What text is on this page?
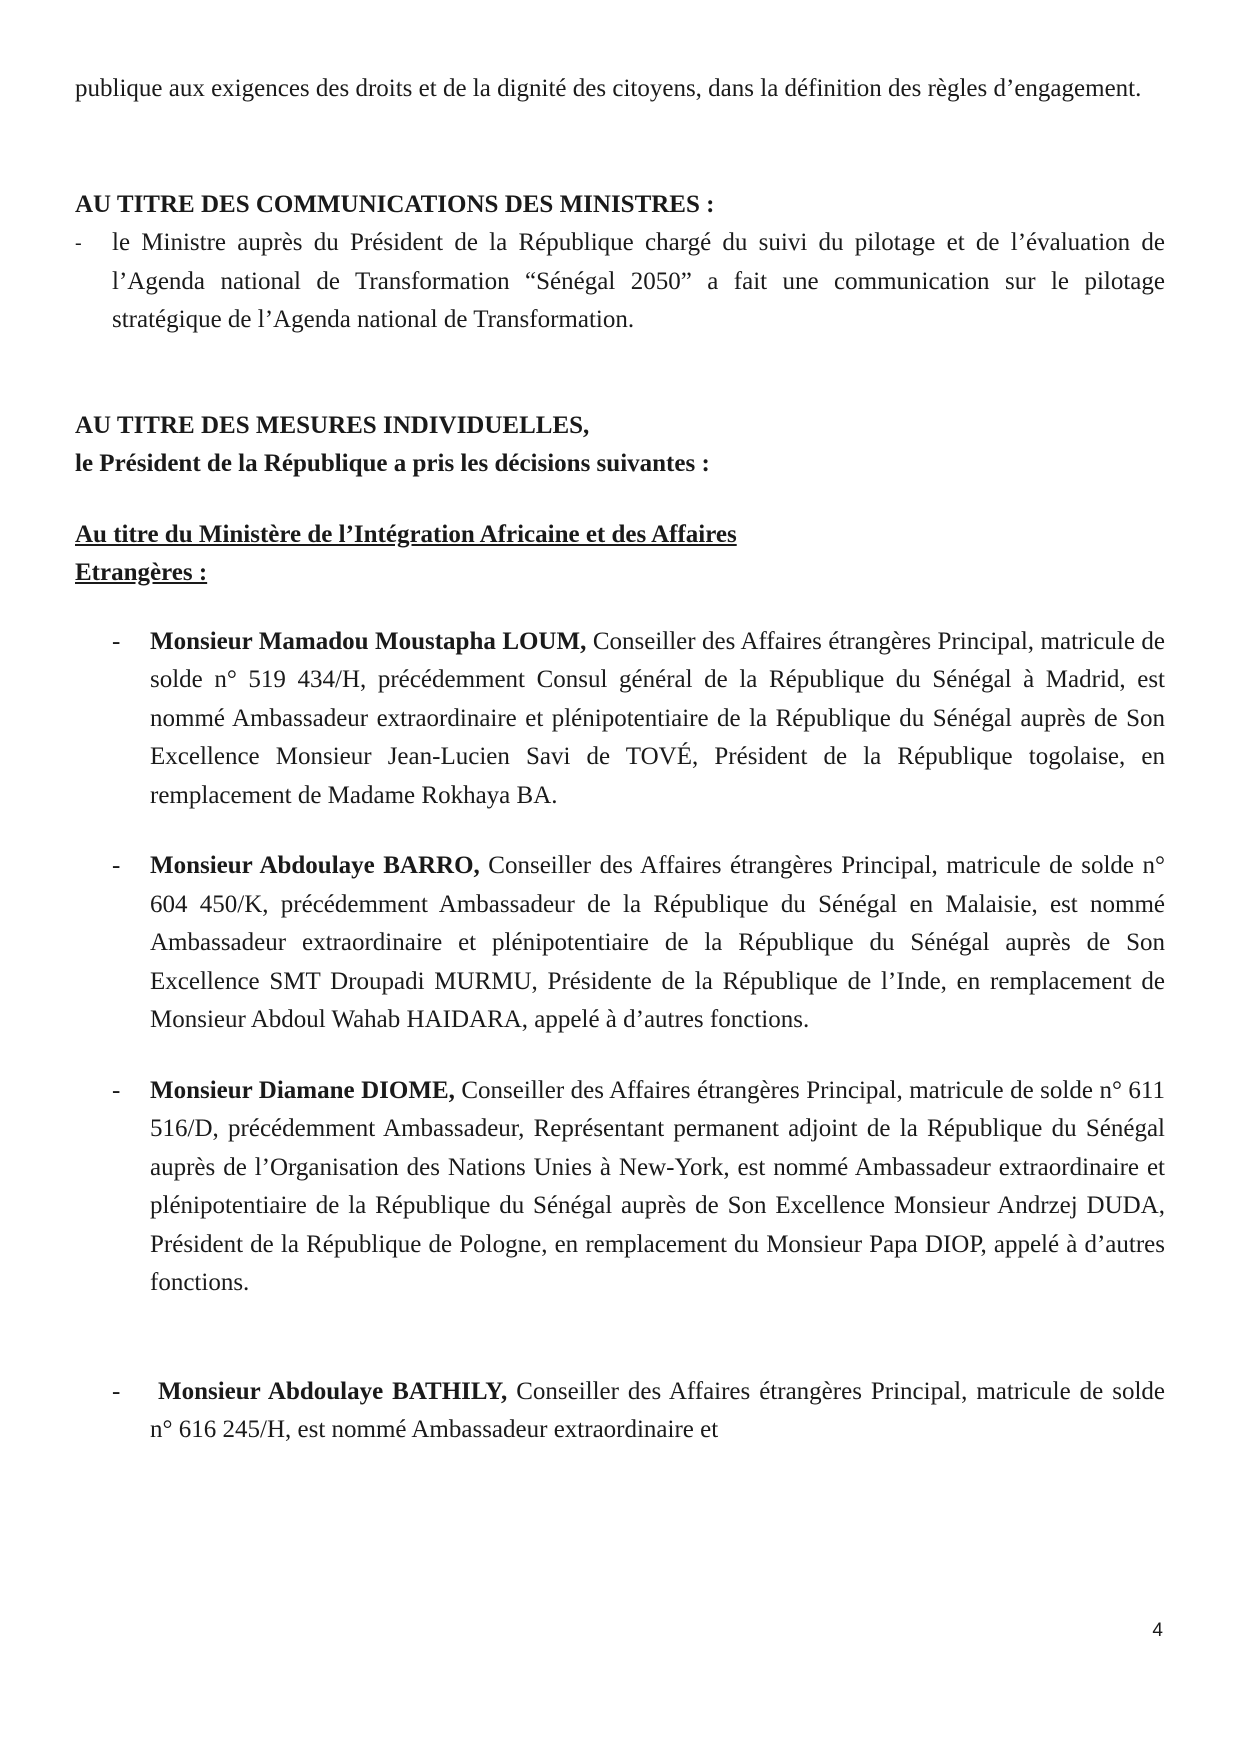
publique aux exigences des droits et de la dignité des citoyens, dans la définition des règles d’engagement.

AU TITRE DES COMMUNICATIONS DES MINISTRES :

- le Ministre auprès du Président de la République chargé du suivi du pilotage et de l’évaluation de l’Agenda national de Transformation “Sénégal 2050” a fait une communication sur le pilotage stratégique de l’Agenda national de Transformation.

AU TITRE DES MESURES INDIVIDUELLES,

le Président de la République a pris les décisions suivantes :

Au titre du Ministère de l’Intégration Africaine et des Affaires

Etrangères :

- Monsieur Mamadou Moustapha LOUM, Conseiller des Affaires étrangères Principal, matricule de solde n° 519 434/H, précédemment Consul général de la République du Sénégal à Madrid, est nommé Ambassadeur extraordinaire et plénipotentiaire de la République du Sénégal auprès de Son Excellence Monsieur Jean-Lucien Savi de TOVÉ, Président de la République togolaise, en remplacement de Madame Rokhaya BA.

- Monsieur Abdoulaye BARRO, Conseiller des Affaires étrangères Principal, matricule de solde n° 604 450/K, précédemment Ambassadeur de la République du Sénégal en Malaisie, est nommé Ambassadeur extraordinaire et plénipotentiaire de la République du Sénégal auprès de Son Excellence SMT Droupadi MURMU, Présidente de la République de l’Inde, en remplacement de Monsieur Abdoul Wahab HAIDARA, appelé à d’autres fonctions.

- Monsieur Diamane DIOME, Conseiller des Affaires étrangères Principal, matricule de solde n° 611 516/D, précédemment Ambassadeur, Représentant permanent adjoint de la République du Sénégal auprès de l’Organisation des Nations Unies à New-York, est nommé Ambassadeur extraordinaire et plénipotentiaire de la République du Sénégal auprès de Son Excellence Monsieur Andrzej DUDA, Président de la République de Pologne, en remplacement du Monsieur Papa DIOP, appelé à d’autres fonctions.

- Monsieur Abdoulaye BATHILY, Conseiller des Affaires étrangères Principal, matricule de solde n° 616 245/H, est nommé Ambassadeur extraordinaire et

4
